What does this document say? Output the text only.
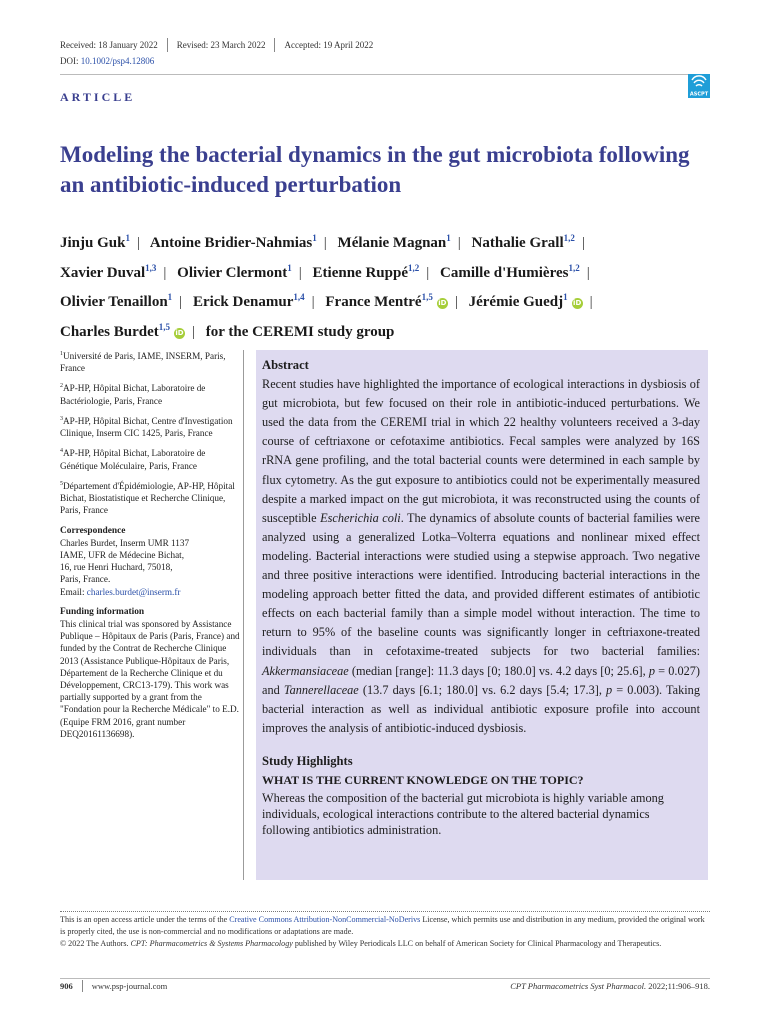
Received: 18 January 2022 Revised: 23 March 2022 Accepted: 19 April 2022
DOI: 10.1002/psp4.12806
ASCPT
ARTICLE
Modeling the bacterial dynamics in the gut microbiota following an antibiotic-induced perturbation
Jinju Guk$^1$ | Antoine Bridier-Nahmias$^1$ | Mélanie Magnan$^1$ | Nathalie Grall$^{1,2}$ |
Xavier Duval$^{1,3}$ | Olivier Clermont$^1$ | Etienne Ruppé$^{1,2}$ | Camille d'Humières$^{1,2}$ |
Olivier Tenaillon$^1$ | Erick Denamur$^{1,4}$ | France Mentré$^{1,5}$iD | Jérémie Guedj$^1$iD |
Charles Burdet$^{1,5}$iD | for the CEREMI study group
$^1$Université de Paris, IAME, INSERM, Paris, France
$^2$AP-HP, Hôpital Bichat, Laboratoire de Bactériologie, Paris, France
$^3$AP-HP, Hôpital Bichat, Centre d'Investigation Clinique, Inserm CIC 1425, Paris, France
$^4$AP-HP, Hôpital Bichat, Laboratoire de Génétique Moléculaire, Paris, France
$^5$Département d'Épidémiologie, AP-HP, Hôpital Bichat, Biostatistique et Recherche Clinique, Paris, France
Correspondence
Charles Burdet, Inserm UMR 1137
IAME, UFR de Médecine Bichat,
16, rue Henri Huchard, 75018,
Paris, France.
Email: charles.burdet@inserm.fr
Funding information
This clinical trial was sponsored by Assistance Publique – Hôpitaux de Paris (Paris, France) and funded by the Contrat de Recherche Clinique 2013 (Assistance Publique-Hôpitaux de Paris, Département de la Recherche Clinique et du Développement, CRC13-179). This work was partially supported by a grant from the "Fondation pour la Recherche Médicale" to E.D. (Equipe FRM 2016, grant number DEQ20161136698).
Abstract

Recent studies have highlighted the importance of ecological interactions in dysbiosis of gut microbiota, but few focused on their role in antibiotic-induced perturbations. We used the data from the CEREMI trial in which 22 healthy volunteers received a 3-day course of ceftriaxone or cefotaxime antibiotics. Fecal samples were analyzed by 16S rRNA gene profiling, and the total bacterial counts were determined in each sample by flux cytometry. As the gut exposure to antibiotics could not be experimentally measured despite a marked impact on the gut microbiota, it was reconstructed using the counts of susceptible Escherichia coli. The dynamics of absolute counts of bacterial families were analyzed using a generalized Lotka–Volterra equations and nonlinear mixed effect modeling. Bacterial interactions were studied using a stepwise approach. Two negative and three positive interactions were identified. Introducing bacterial interactions in the modeling approach better fitted the data, and provided different estimates of antibiotic effects on each bacterial family than a simple model without interaction. The time to return to 95% of the baseline counts was significantly longer in ceftriaxone-treated individuals than in cefotaxime-treated subjects for two bacterial families: Akkermansiaceae (median [range]: 11.3 days [0; 180.0] vs. 4.2 days [0; 25.6], p = 0.027) and Tannerellaceae (13.7 days [6.1; 180.0] vs. 6.2 days [5.4; 17.3], p = 0.003). Taking bacterial interaction as well as individual antibiotic exposure profile into account improves the analysis of antibiotic-induced dysbiosis.

Study Highlights
WHAT IS THE CURRENT KNOWLEDGE ON THE TOPIC?

Whereas the composition of the bacterial gut microbiota is highly variable among individuals, ecological interactions contribute to the altered bacterial dynamics following antibiotics administration.

This is an open access article under the terms of the Creative Commons Attribution-NonCommercial-NoDerivs License, which permits use and distribution in any medium, provided the original work is properly cited, the use is non-commercial and no modifications or adaptations are made.
© 2022 The Authors. CPT: Pharmacometrics & Systems Pharmacology published by Wiley Periodicals LLC on behalf of American Society for Clinical Pharmacology and Therapeutics.
906 www.psp-journal.com	CPT Pharmacometrics Syst Pharmacol. 2022;11:906–918.
